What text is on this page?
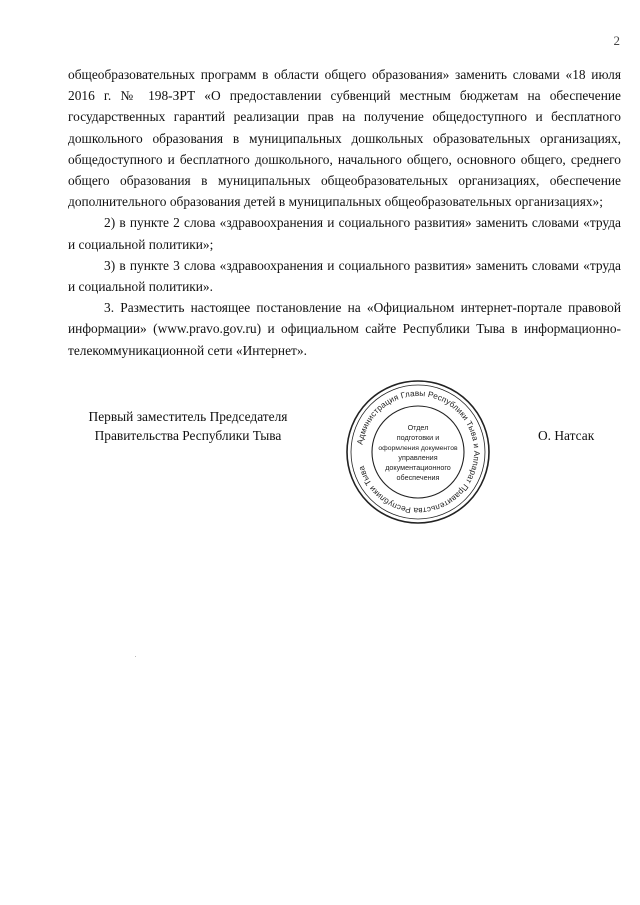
2

общеобразовательных программ в области общего образования» заменить словами «18 июля 2016 г. № 198-ЗРТ «О предоставлении субвенций местным бюджетам на обеспечение государственных гарантий реализации прав на получение общедоступного и бесплатного дошкольного образования в муниципальных дошкольных образовательных организациях, общедоступного и бесплатного дошкольного, начального общего, основного общего, среднего общего образования в муниципальных общеобразовательных организациях, обеспечение дополнительного образования детей в муниципальных общеобразовательных организациях»;

2) в пункте 2 слова «здравоохранения и социального развития» заменить словами «труда и социальной политики»;

3) в пункте 3 слова «здравоохранения и социального развития» заменить словами «труда и социальной политики».

3. Разместить настоящее постановление на «Официальном интернет-портале правовой информации» (www.pravo.gov.ru) и официальном сайте Республики Тыва в информационно-телекоммуникационной сети «Интернет».

Первый заместитель Председателя
Правительства Республики Тыва	Администрация Главы Республики Тыва и Аппарат Правительства Республики Тыва
Отдел
подготовки и
оформления документов
управления
документационного
обеспечения
О. Натсак
